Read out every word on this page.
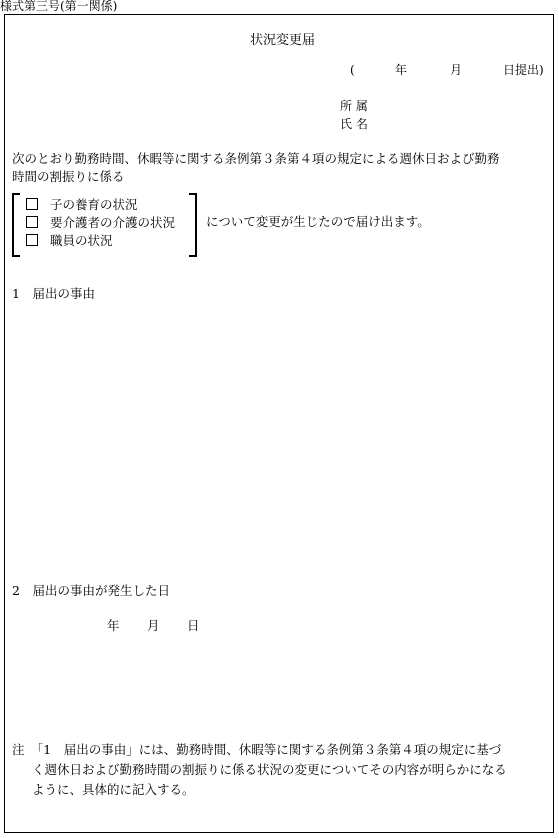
様式第三号(第一関係)
状況変更届
(	年	月	日提出)
所 属
氏 名
次のとおり勤務時間、休暇等に関する条例第３条第４項の規定による週休日および勤務
時間の割振りに係る
子の養育の状況
要介護者の介護の状況
職員の状況
について変更が生じたので届け出ます。
1　届出の事由
2　届出の事由が発生した日
年 月 日
注　「1　届出の事由」には、勤務時間、休暇等に関する条例第３条第４項の規定に基づ
く週休日および勤務時間の割振りに係る状況の変更についてその内容が明らかになる
ように、具体的に記入する。
